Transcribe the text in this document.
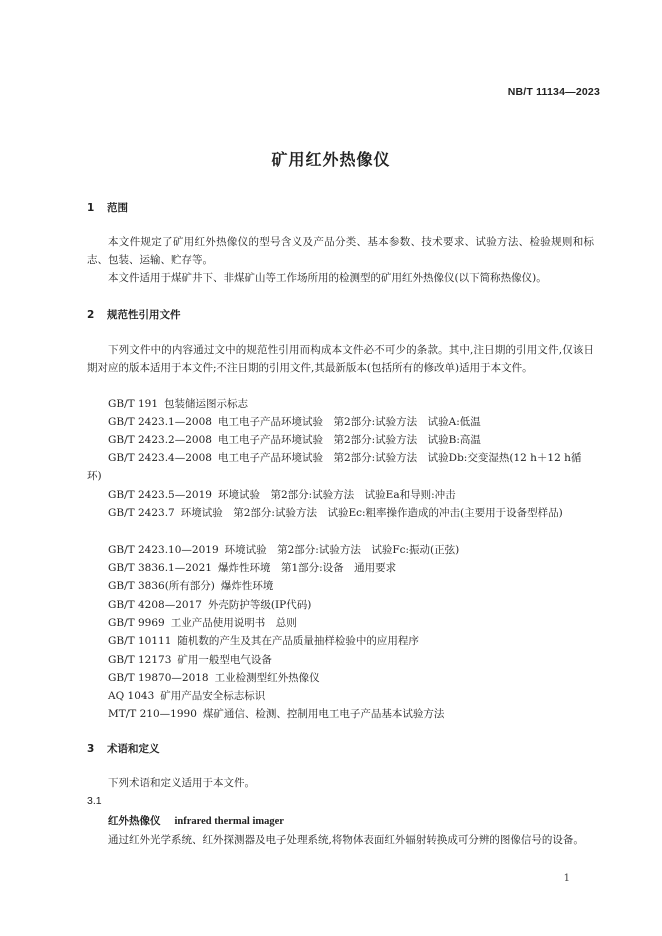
NB/T 11134—2023
矿用红外热像仪
1 范围
本文件规定了矿用红外热像仪的型号含义及产品分类、基本参数、技术要求、试验方法、检验规则和标志、包装、运输、贮存等。
本文件适用于煤矿井下、非煤矿山等工作场所用的检测型的矿用红外热像仪(以下简称热像仪)。
2 规范性引用文件
下列文件中的内容通过文中的规范性引用而构成本文件必不可少的条款。其中,注日期的引用文件,仅该日期对应的版本适用于本文件;不注日期的引用文件,其最新版本(包括所有的修改单)适用于本文件。
GB/T 191 包装储运图示标志
GB/T 2423.1—2008 电工电子产品环境试验　第2部分:试验方法　试验A:低温
GB/T 2423.2—2008 电工电子产品环境试验　第2部分:试验方法　试验B:高温
GB/T 2423.4—2008 电工电子产品环境试验　第2部分:试验方法　试验Db:交变湿热(12 h＋12 h循环)
GB/T 2423.5—2019 环境试验　第2部分:试验方法　试验Ea和导则:冲击
GB/T 2423.7 环境试验　第2部分:试验方法　试验Ec:粗率操作造成的冲击(主要用于设备型样品)
GB/T 2423.10—2019 环境试验　第2部分:试验方法　试验Fc:振动(正弦)
GB/T 3836.1—2021 爆炸性环境　第1部分:设备　通用要求
GB/T 3836(所有部分) 爆炸性环境
GB/T 4208—2017 外壳防护等级(IP代码)
GB/T 9969 工业产品使用说明书　总则
GB/T 10111 随机数的产生及其在产品质量抽样检验中的应用程序
GB/T 12173 矿用一般型电气设备
GB/T 19870—2018 工业检测型红外热像仪
AQ 1043 矿用产品安全标志标识
MT/T 210—1990 煤矿通信、检测、控制用电工电子产品基本试验方法
3 术语和定义
下列术语和定义适用于本文件。
3.1
红外热像仪 infrared thermal imager
通过红外光学系统、红外探测器及电子处理系统,将物体表面红外辐射转换成可分辨的图像信号的设备。
1
